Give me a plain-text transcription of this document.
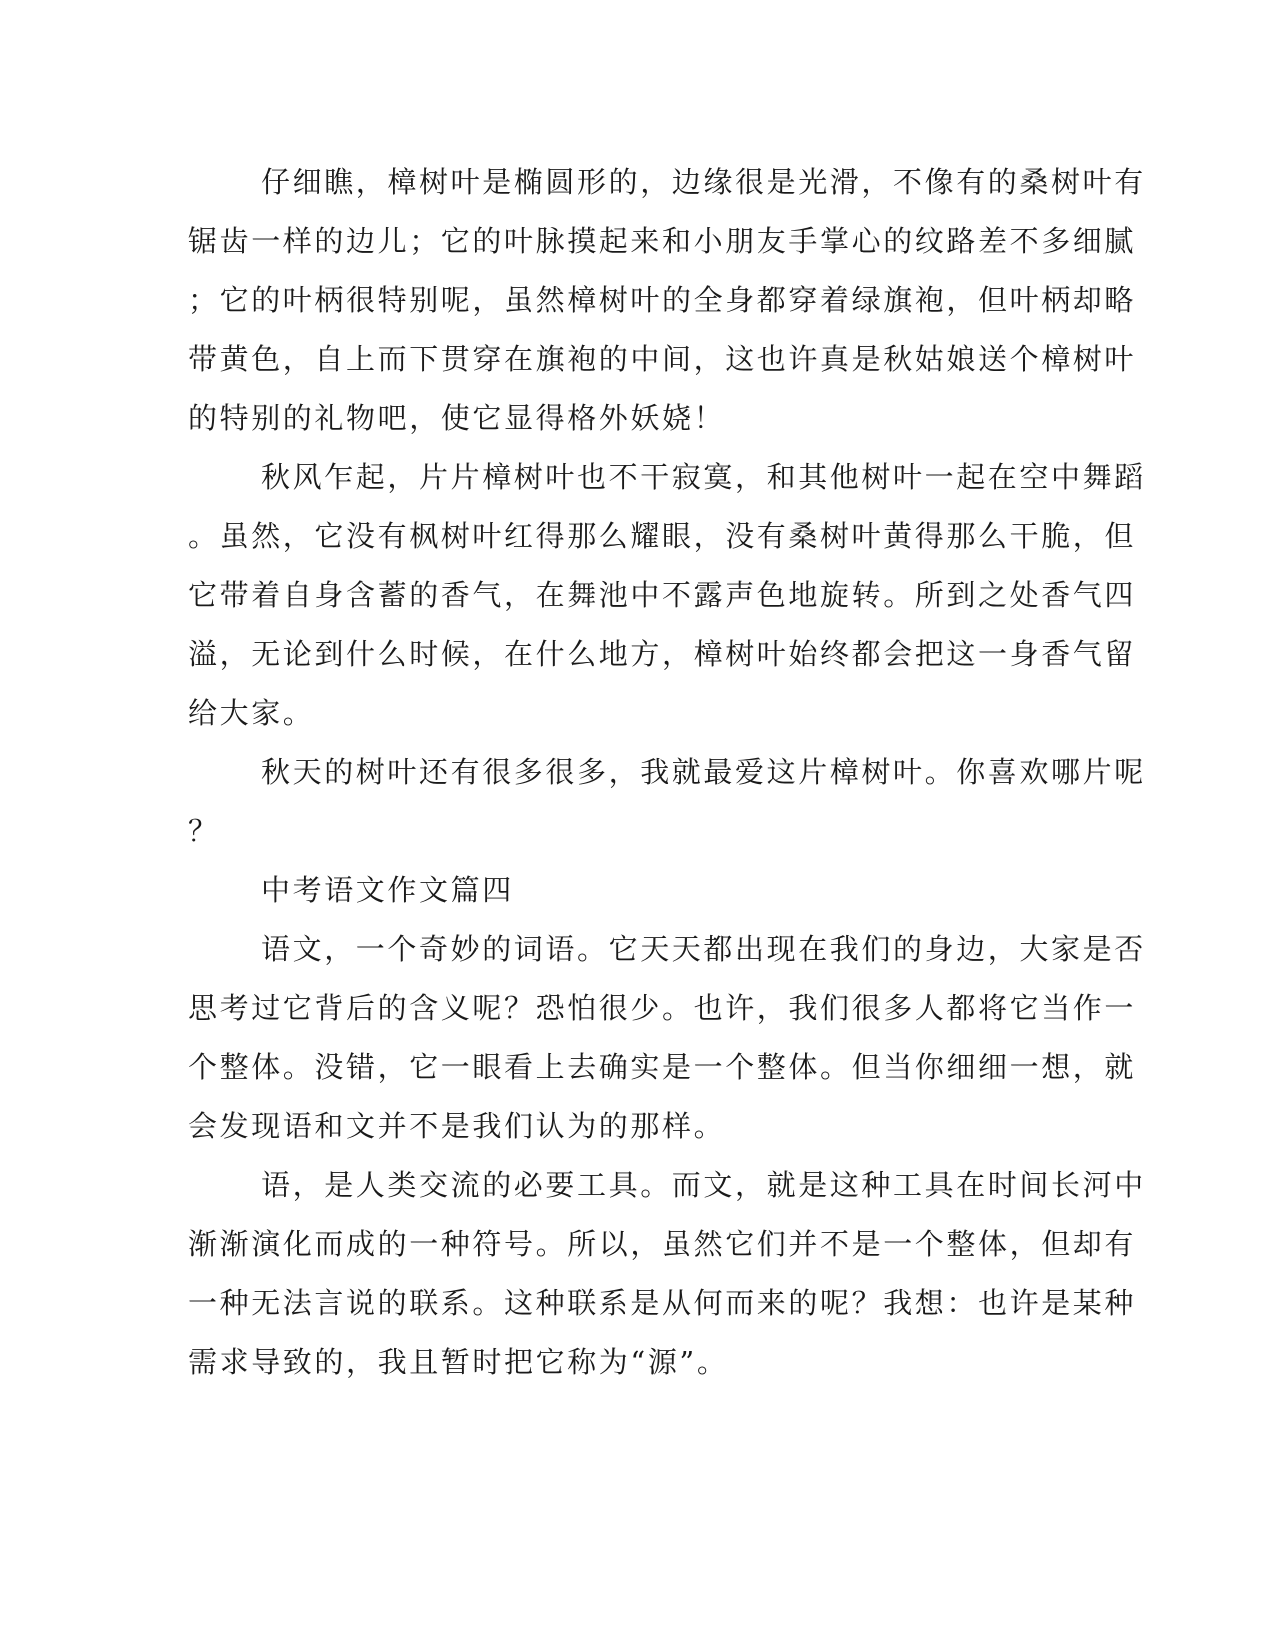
仔细瞧，樟树叶是椭圆形的，边缘很是光滑，不像有的桑树叶有

锯齿一样的边儿；它的叶脉摸起来和小朋友手掌心的纹路差不多细腻

；它的叶柄很特别呢，虽然樟树叶的全身都穿着绿旗袍，但叶柄却略

带黄色，自上而下贯穿在旗袍的中间，这也许真是秋姑娘送个樟树叶

的特别的礼物吧，使它显得格外妖娆！

秋风乍起，片片樟树叶也不干寂寞，和其他树叶一起在空中舞蹈

。虽然，它没有枫树叶红得那么耀眼，没有桑树叶黄得那么干脆，但

它带着自身含蓄的香气，在舞池中不露声色地旋转。所到之处香气四

溢，无论到什么时候，在什么地方，樟树叶始终都会把这一身香气留

给大家。

秋天的树叶还有很多很多，我就最爱这片樟树叶。你喜欢哪片呢

？

中考语文作文篇四

语文，一个奇妙的词语。它天天都出现在我们的身边，大家是否

思考过它背后的含义呢？恐怕很少。也许，我们很多人都将它当作一

个整体。没错，它一眼看上去确实是一个整体。但当你细细一想，就

会发现语和文并不是我们认为的那样。

语，是人类交流的必要工具。而文，就是这种工具在时间长河中

渐渐演化而成的一种符号。所以，虽然它们并不是一个整体，但却有

一种无法言说的联系。这种联系是从何而来的呢？我想：也许是某种

需求导致的，我且暂时把它称为“源”。
